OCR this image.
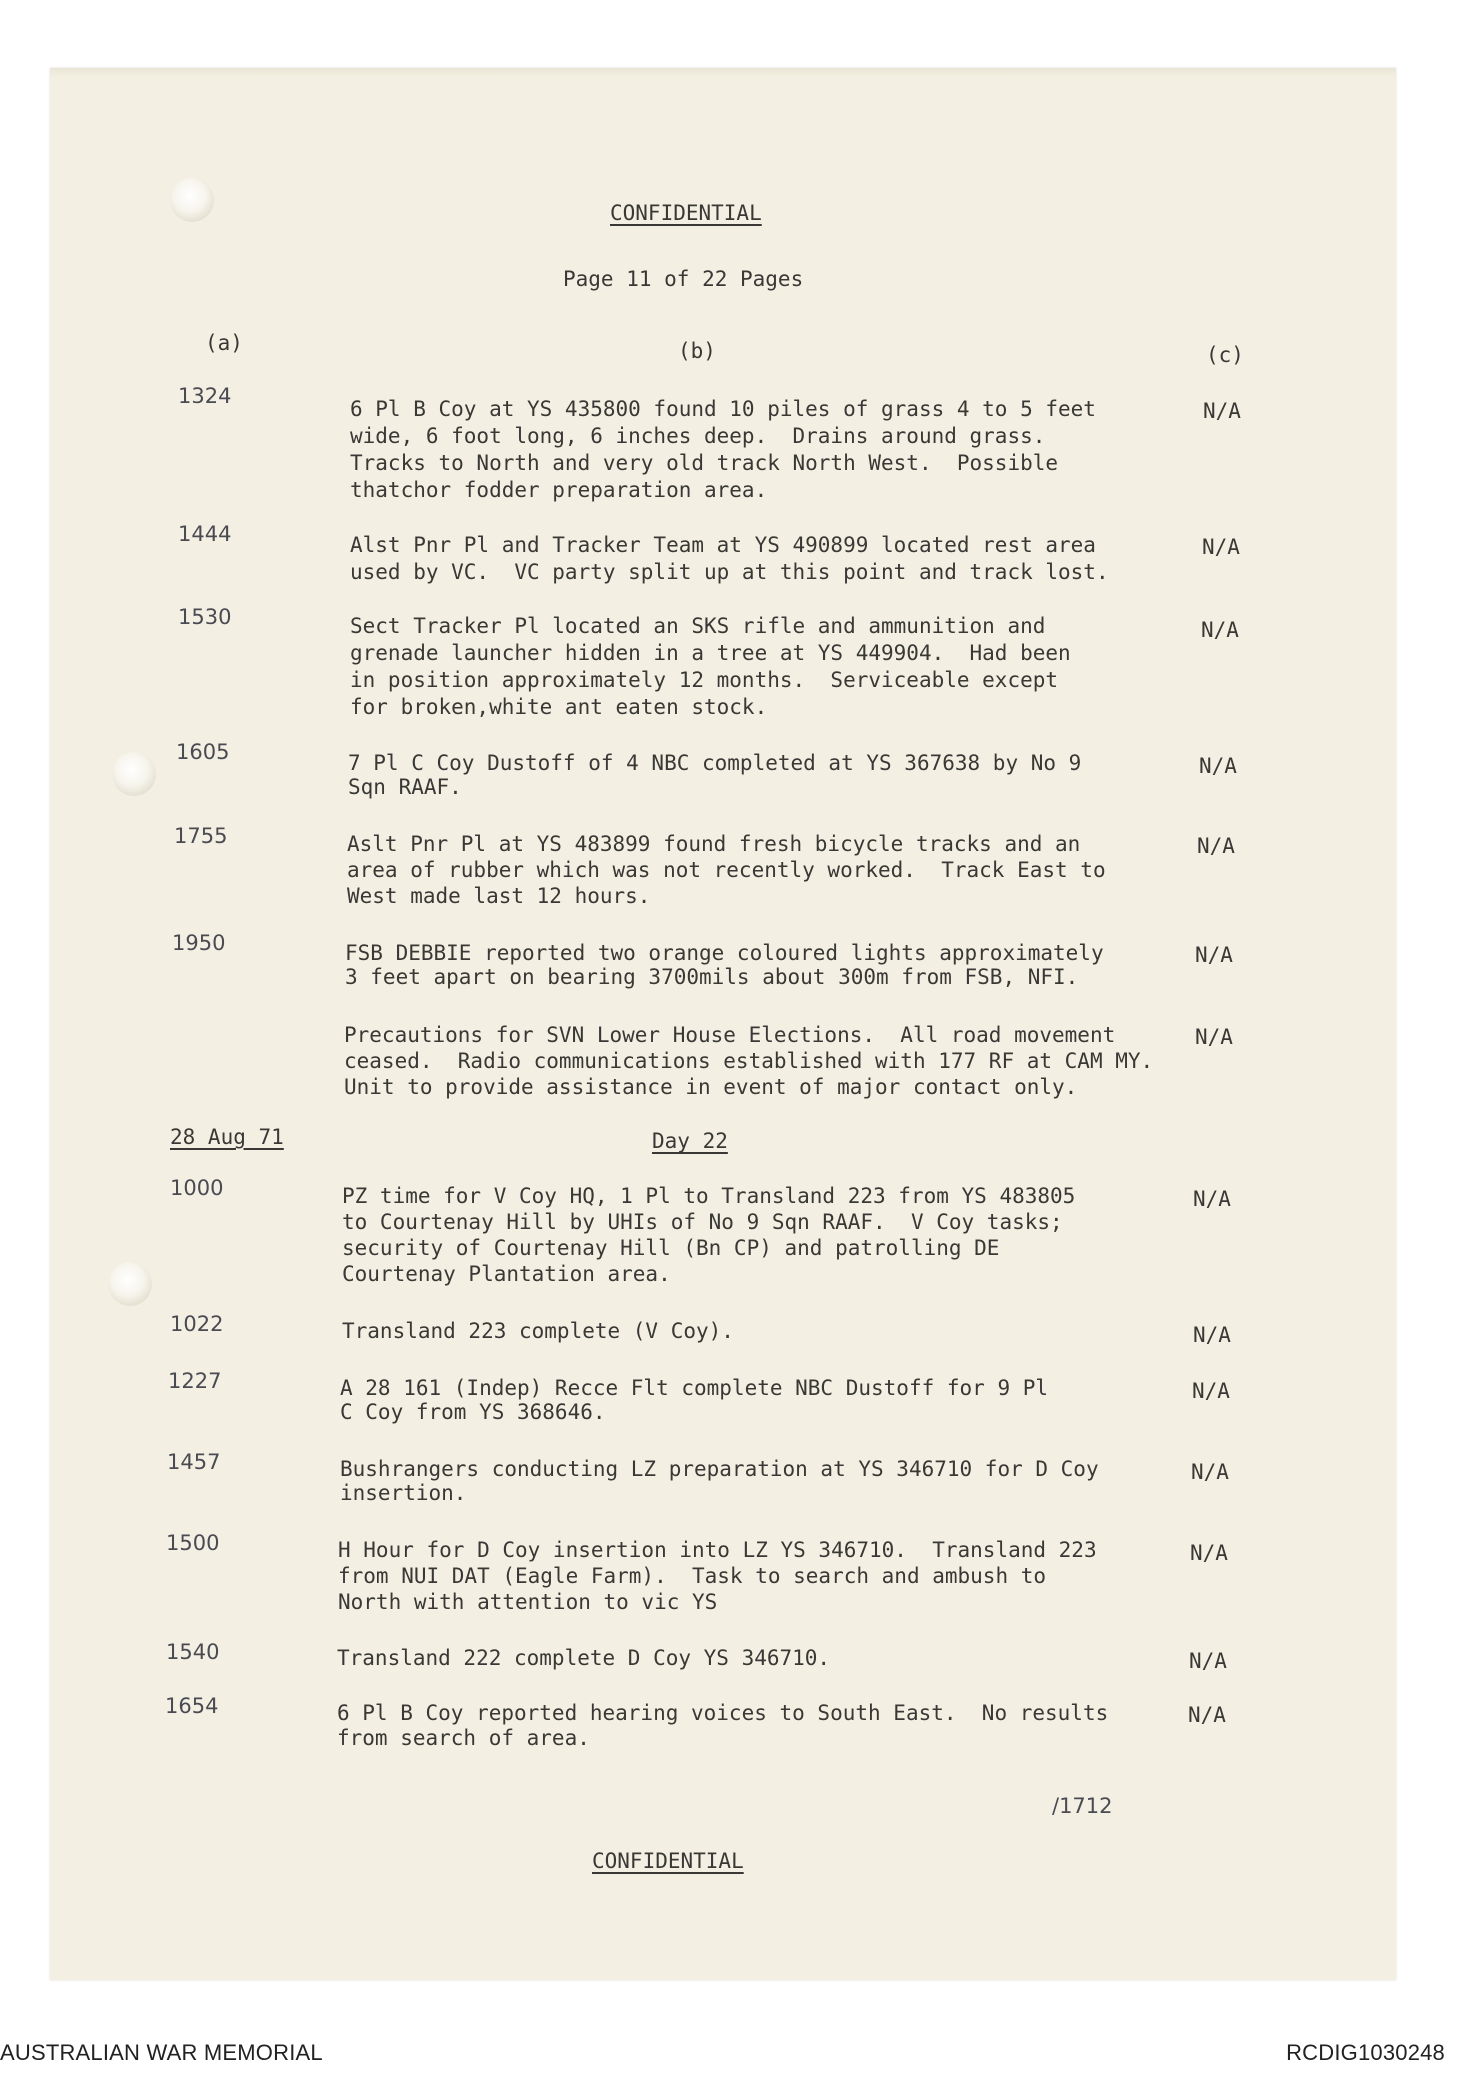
CONFIDENTIAL
Page 11 of 22 Pages
(a)	(b)	(c)
1324
6 Pl B Coy at YS 435800 found 10 piles of grass 4 to 5 feet
wide, 6 foot long, 6 inches deep.  Drains around grass.
Tracks to North and very old track North West.  Possible
thatchor fodder preparation area.
N/A
1444	Alst Pnr Pl and Tracker Team at YS 490899 located rest area
used by VC.  VC party split up at this point and track lost.
N/A
1530	Sect Tracker Pl located an SKS rifle and ammunition and
grenade launcher hidden in a tree at YS 449904.  Had been
in position approximately 12 months.  Serviceable except
for broken,white ant eaten stock.
N/A
1605	7 Pl C Coy Dustoff of 4 NBC completed at YS 367638 by No 9
Sqn RAAF.
N/A
1755	Aslt Pnr Pl at YS 483899 found fresh bicycle tracks and an
area of rubber which was not recently worked.  Track East to
West made last 12 hours.
N/A
1950	FSB DEBBIE reported two orange coloured lights approximately
3 feet apart on bearing 3700mils about 300m from FSB, NFI.
N/A
Precautions for SVN Lower House Elections.  All road movement
ceased.  Radio communications established with 177 RF at CAM MY.
Unit to provide assistance in event of major contact only.
N/A
28 Aug 71	Day 22
1000	PZ time for V Coy HQ, 1 Pl to Transland 223 from YS 483805
to Courtenay Hill by UHIs of No 9 Sqn RAAF.  V Coy tasks;
security of Courtenay Hill (Bn CP) and patrolling DE
Courtenay Plantation area.
N/A
1022	Transland 223 complete (V Coy).	N/A
1227	A 28 161 (Indep) Recce Flt complete NBC Dustoff for 9 Pl
C Coy from YS 368646.
N/A
1457	Bushrangers conducting LZ preparation at YS 346710 for D Coy
insertion.
N/A
1500	H Hour for D Coy insertion into LZ YS 346710.  Transland 223
from NUI DAT (Eagle Farm).  Task to search and ambush to
North with attention to vic YS
N/A
1540	Transland 222 complete D Coy YS 346710.	N/A
1654	6 Pl B Coy reported hearing voices to South East.  No results
from search of area.
N/A
/1712
CONFIDENTIAL
AUSTRALIAN WAR MEMORIAL	RCDIG1030248
